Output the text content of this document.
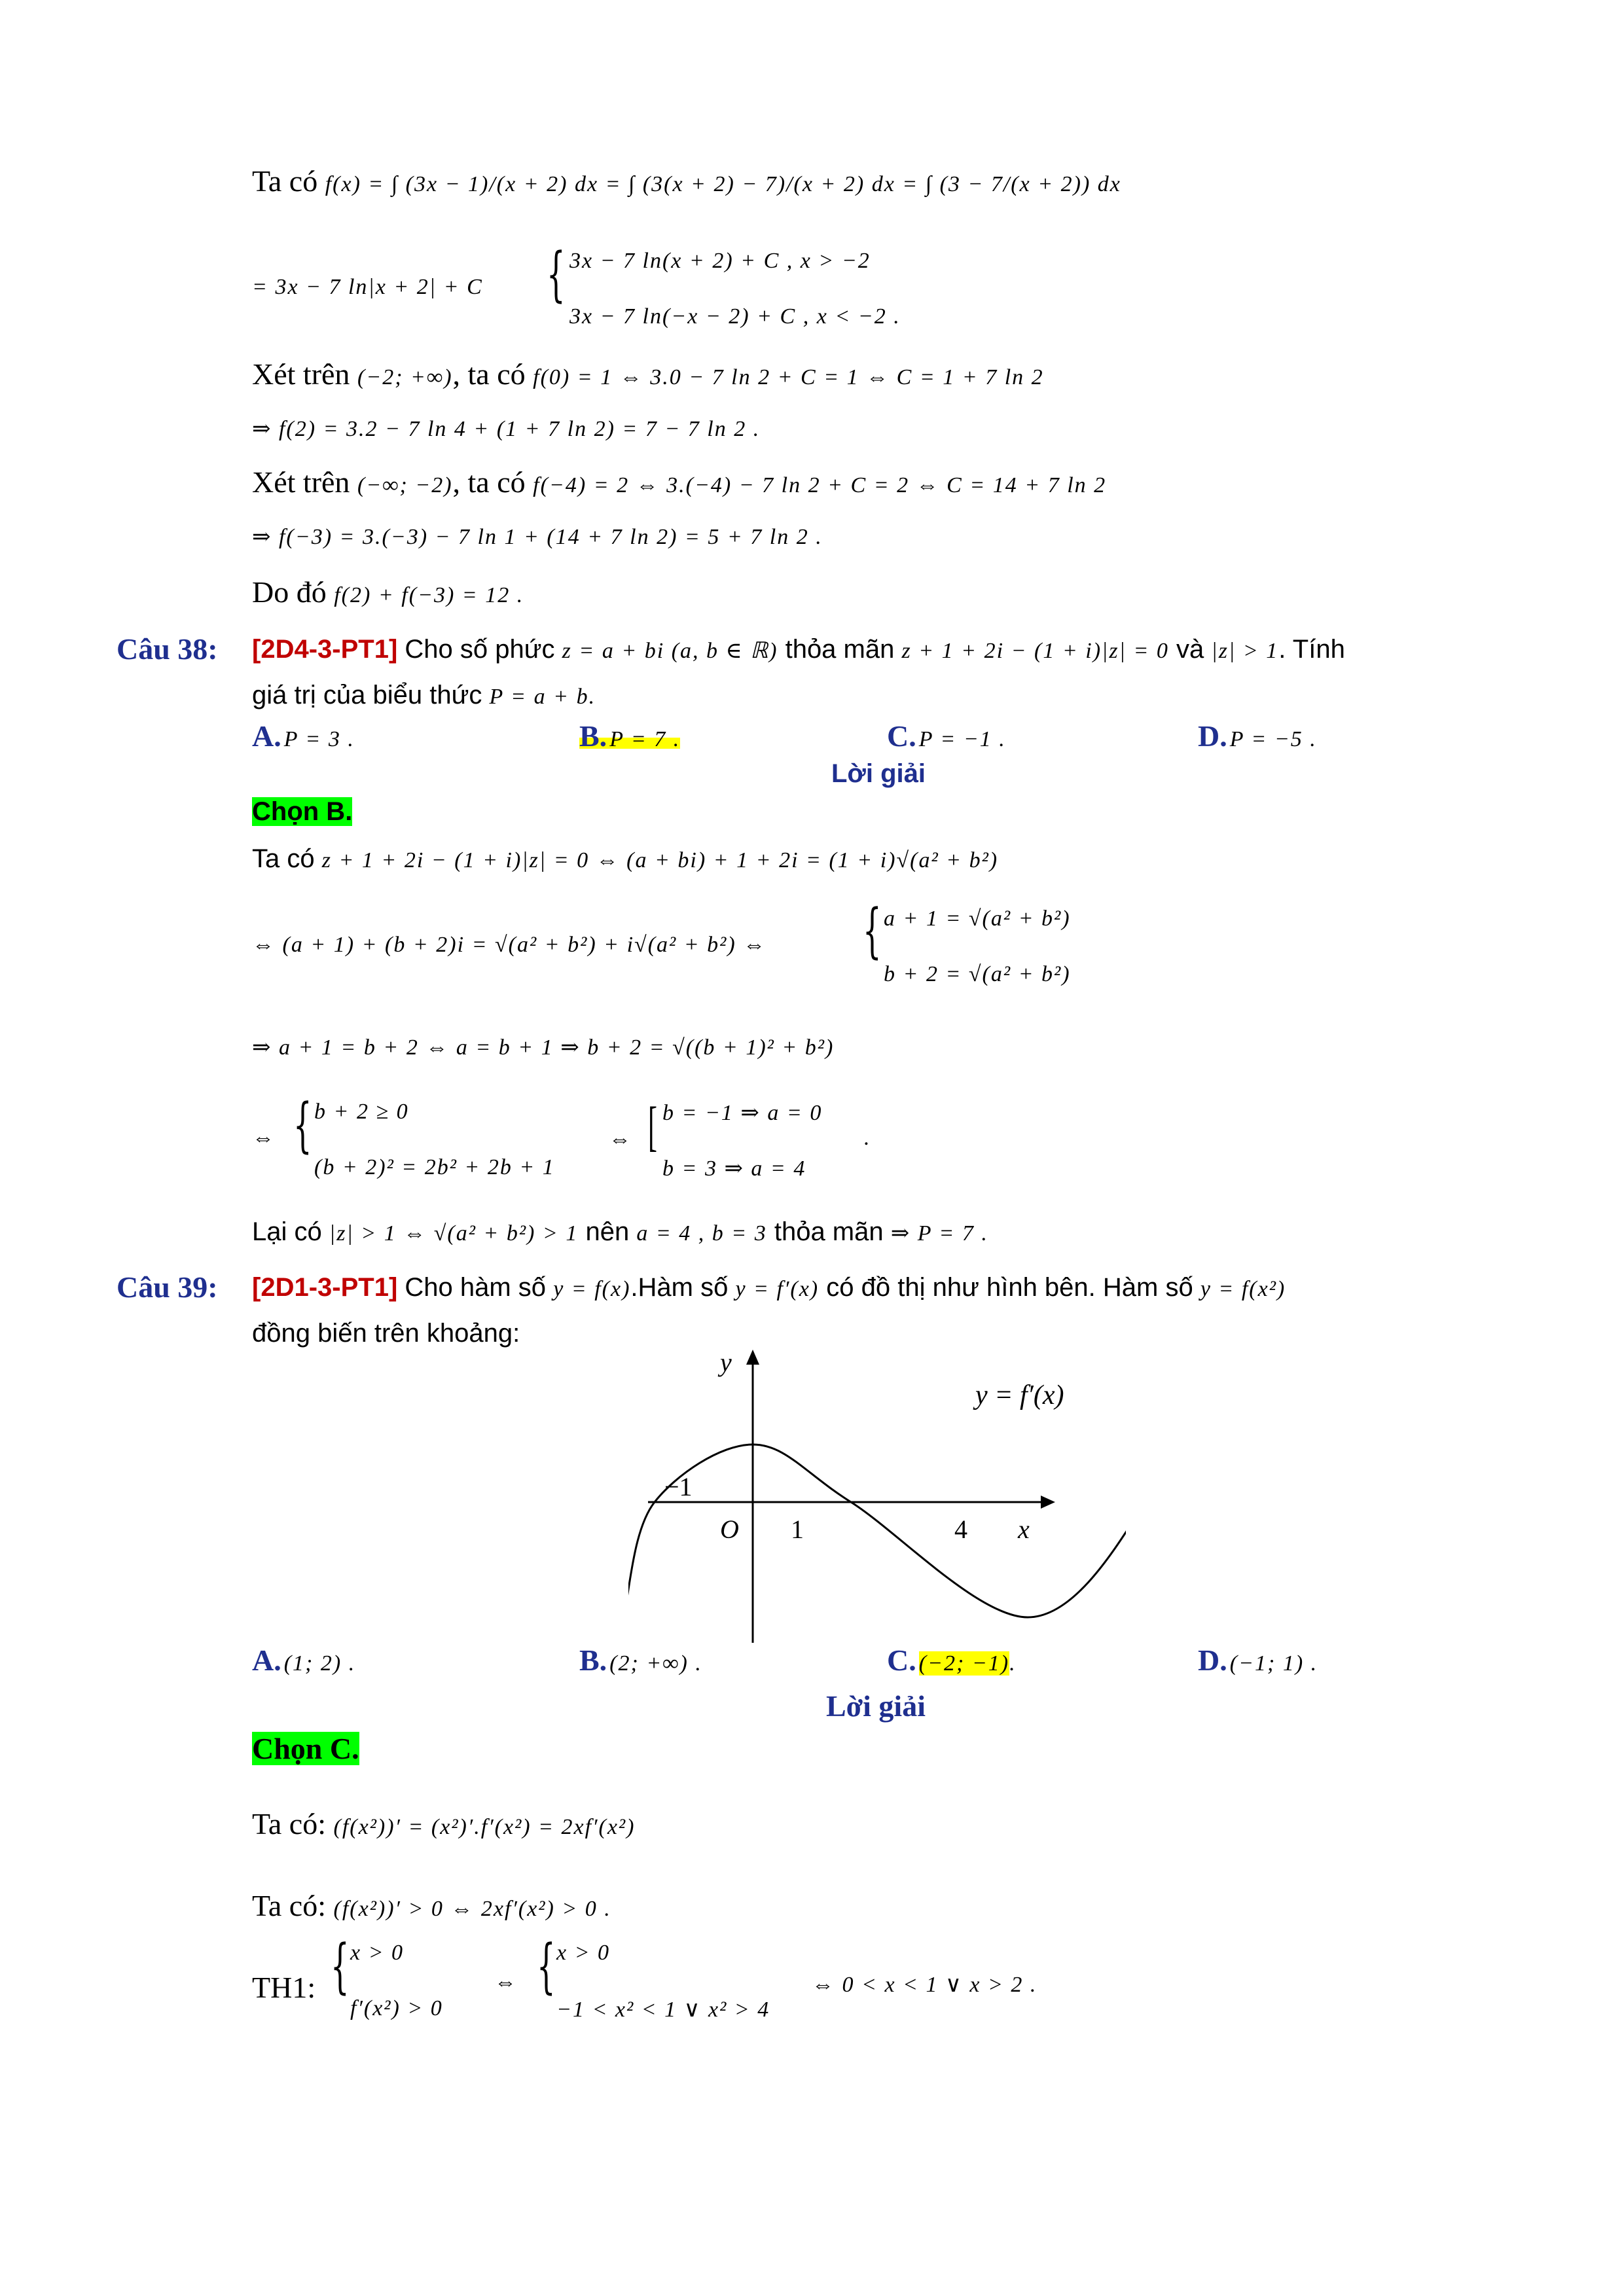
Ta có f(x) = ∫ (3x − 1)/(x + 2) dx = ∫ (3(x + 2) − 7)/(x + 2) dx = ∫ (3 − 7/(x + 2)) dx
= 3x − 7 ln|x + 2| + C { 3x − 7 ln(x + 2) + C , x > −2
3x − 7 ln(−x − 2) + C , x < −2 .
Xét trên (−2; +∞), ta có f(0) = 1 ⇔ 3.0 − 7 ln 2 + C = 1 ⇔ C = 1 + 7 ln 2
⇒ f(2) = 3.2 − 7 ln 4 + (1 + 7 ln 2) = 7 − 7 ln 2 .
Xét trên (−∞; −2), ta có f(−4) = 2 ⇔ 3.(−4) − 7 ln 2 + C = 2 ⇔ C = 14 + 7 ln 2
⇒ f(−3) = 3.(−3) − 7 ln 1 + (14 + 7 ln 2) = 5 + 7 ln 2 .
Do đó f(2) + f(−3) = 12 .
Câu 38: [2D4-3-PT1] Cho số phức z = a + bi (a, b ∈ ℝ) thỏa mãn z + 1 + 2i − (1 + i)|z| = 0 và |z| > 1. Tính
giá trị của biểu thức P = a + b.
A. P = 3 .	B. P = 7 .	C. P = −1 .	D. P = −5 .
Lời giải
Chọn B.
Ta có z + 1 + 2i − (1 + i)|z| = 0 ⇔ (a + bi) + 1 + 2i = (1 + i)√(a² + b²)
⇔ (a + 1) + (b + 2)i = √(a² + b²) + i√(a² + b²) ⇔ { a + 1 = √(a² + b²)
b + 2 = √(a² + b²)
⇒ a + 1 = b + 2 ⇔ a = b + 1 ⇒ b + 2 = √((b + 1)² + b²)
⇔ { b + 2 ≥ 0
(b + 2)² = 2b² + 2b + 1
⇔ [ b = −1 ⇒ a = 0
b = 3 ⇒ a = 4
.
Lại có |z| > 1 ⇔ √(a² + b²) > 1 nên a = 4 , b = 3 thỏa mãn ⇒ P = 7 .
Câu 39: [2D1-3-PT1] Cho hàm số y = f(x).Hàm số y = f′(x) có đồ thị như hình bên. Hàm số y = f(x²)
đồng biến trên khoảng:
y
x
O
−1
1	4
y = f′(x)
A. (1; 2) .	B. (2; +∞) .	C. (−2; −1).	D. (−1; 1) .
Lời giải
Chọn C.
Ta có: (f(x²))′ = (x²)′.f′(x²) = 2xf′(x²)
Ta có: (f(x²))′ > 0 ⇔ 2xf′(x²) > 0 .
TH1: { x > 0
f′(x²) > 0
⇔ { x > 0
−1 < x² < 1 ∨ x² > 4
⇔ 0 < x < 1 ∨ x > 2 .
